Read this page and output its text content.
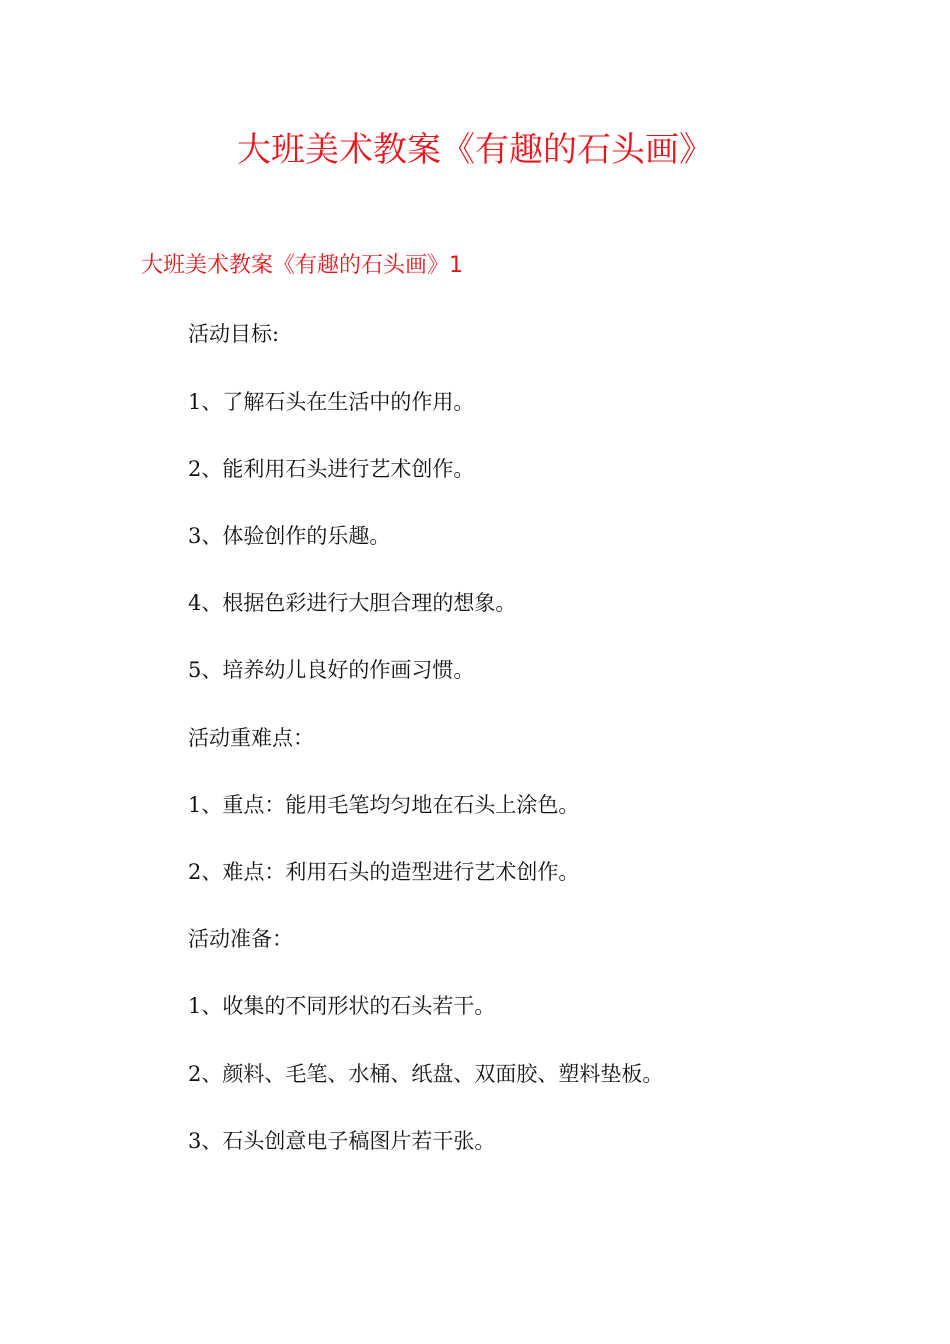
大班美术教案《有趣的石头画》
大班美术教案《有趣的石头画》1

活动目标:

1、了解石头在生活中的作用。

2、能利用石头进行艺术创作。

3、体验创作的乐趣。

4、根据色彩进行大胆合理的想象。

5、培养幼儿良好的作画习惯。

活动重难点：

1、重点：能用毛笔均匀地在石头上涂色。

2、难点：利用石头的造型进行艺术创作。

活动准备：

1、收集的不同形状的石头若干。

2、颜料、毛笔、水桶、纸盘、双面胶、塑料垫板。

3、石头创意电子稿图片若干张。
